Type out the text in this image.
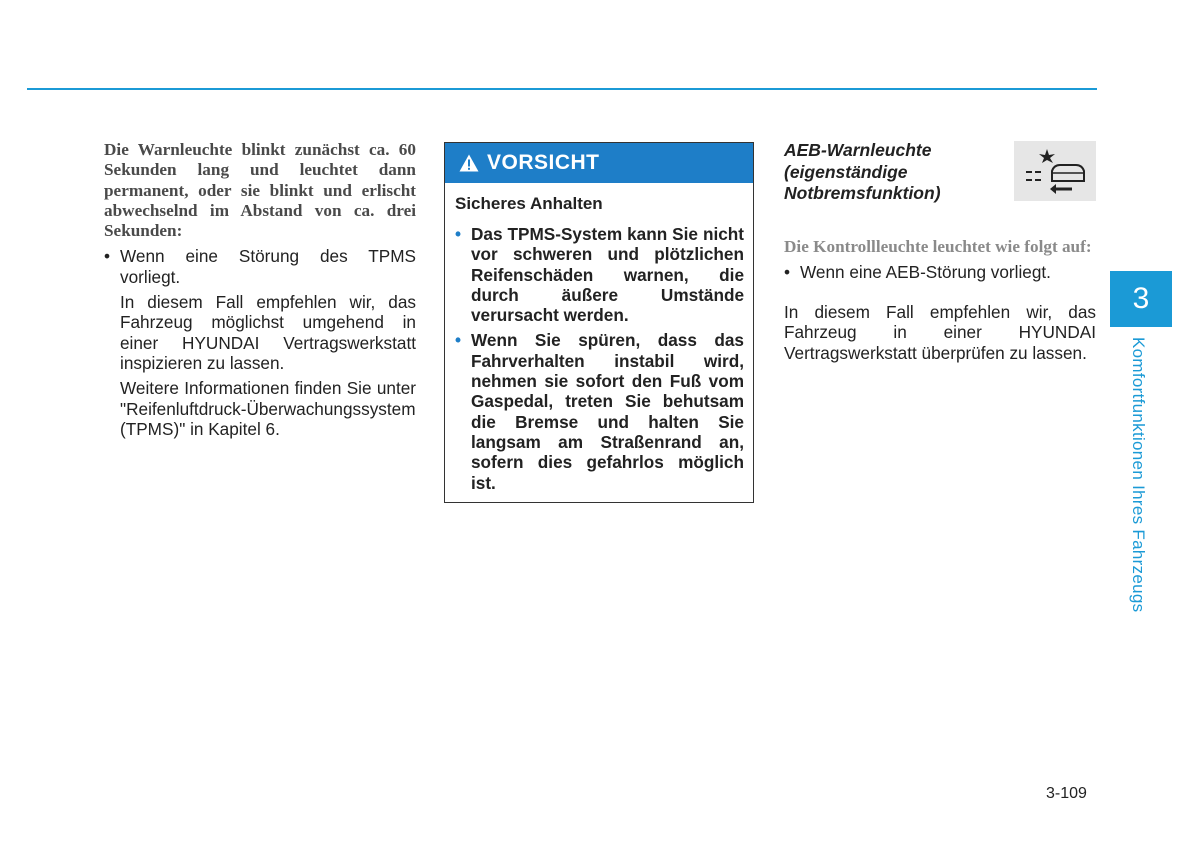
Die Warnleuchte blinkt zunächst ca. 60 Sekunden lang und leuchtet dann permanent, oder sie blinkt und erlischt abwechselnd im Abstand von ca. drei Sekunden:

• Wenn eine Störung des TPMS vorliegt.

In diesem Fall empfehlen wir, das Fahrzeug möglichst umgehend in einer HYUNDAI Vertragswerkstatt inspizieren zu lassen.

Weitere Informationen finden Sie unter "Reifenluftdruck-Überwachungssystem (TPMS)" in Kapitel 6.

VORSICHT

Sicheres Anhalten

• Das TPMS-System kann Sie nicht vor schweren und plötzlichen Reifenschäden warnen, die durch äußere Umstände verursacht werden.
• Wenn Sie spüren, dass das Fahrverhalten instabil wird, nehmen sie sofort den Fuß vom Gaspedal, treten Sie behutsam die Bremse und halten Sie langsam am Straßenrand an, sofern dies gefahrlos möglich ist.

AEB-Warnleuchte (eigenständige Notbremsfunktion)

Die Kontrollleuchte leuchtet wie folgt auf:

• Wenn eine AEB-Störung vorliegt.

In diesem Fall empfehlen wir, das Fahrzeug in einer HYUNDAI Vertragswerkstatt überprüfen zu lassen.

3
Komfortfunktionen Ihres Fahrzeugs
3-109
